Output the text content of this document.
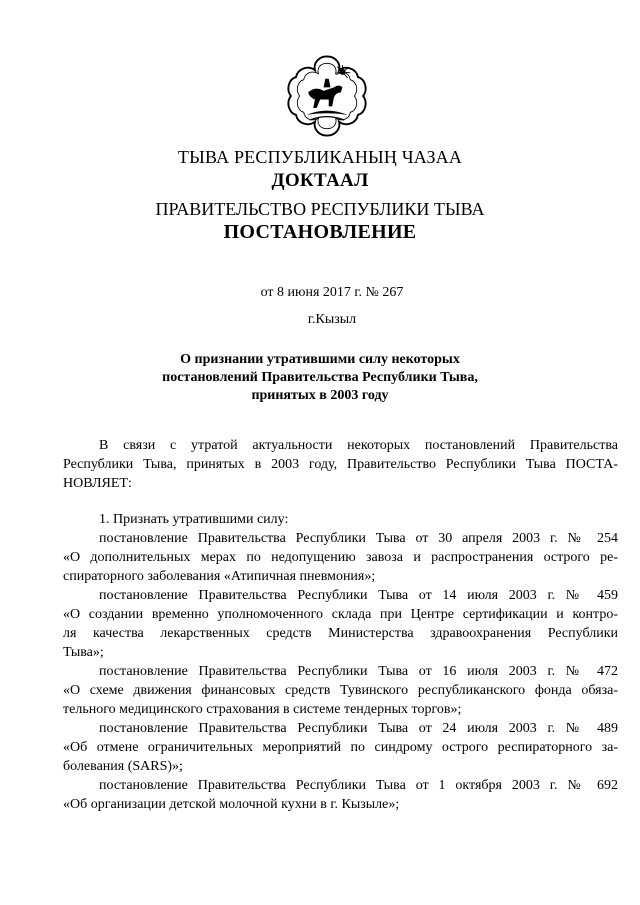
ТЫВА РЕСПУБЛИКАНЫҢ ЧАЗАА
ДОКТААЛ
ПРАВИТЕЛЬСТВО РЕСПУБЛИКИ ТЫВА
ПОСТАНОВЛЕНИЕ
от 8 июня 2017 г. № 267
г.Кызыл
О признании утратившими силу некоторых
постановлений Правительства Республики Тыва,
принятых в 2003 году
В связи с утратой актуальности некоторых постановлений Правительства
Республики Тыва, принятых в 2003 году, Правительство Республики Тыва ПОСТА-
НОВЛЯЕТ:
1. Признать утратившими силу:
постановление Правительства Республики Тыва от 30 апреля 2003 г. № 254
«О дополнительных мерах по недопущению завоза и распространения острого ре-
спираторного заболевания «Атипичная пневмония»;
постановление Правительства Республики Тыва от 14 июля 2003 г. № 459
«О создании временно уполномоченного склада при Центре сертификации и контро-
ля качества лекарственных средств Министерства здравоохранения Республики
Тыва»;
постановление Правительства Республики Тыва от 16 июля 2003 г. № 472
«О схеме движения финансовых средств Тувинского республиканского фонда обяза-
тельного медицинского страхования в системе тендерных торгов»;
постановление Правительства Республики Тыва от 24 июля 2003 г. № 489
«Об отмене ограничительных мероприятий по синдрому острого респираторного за-
болевания (SARS)»;
постановление Правительства Республики Тыва от 1 октября 2003 г. № 692
«Об организации детской молочной кухни в г. Кызыле»;
